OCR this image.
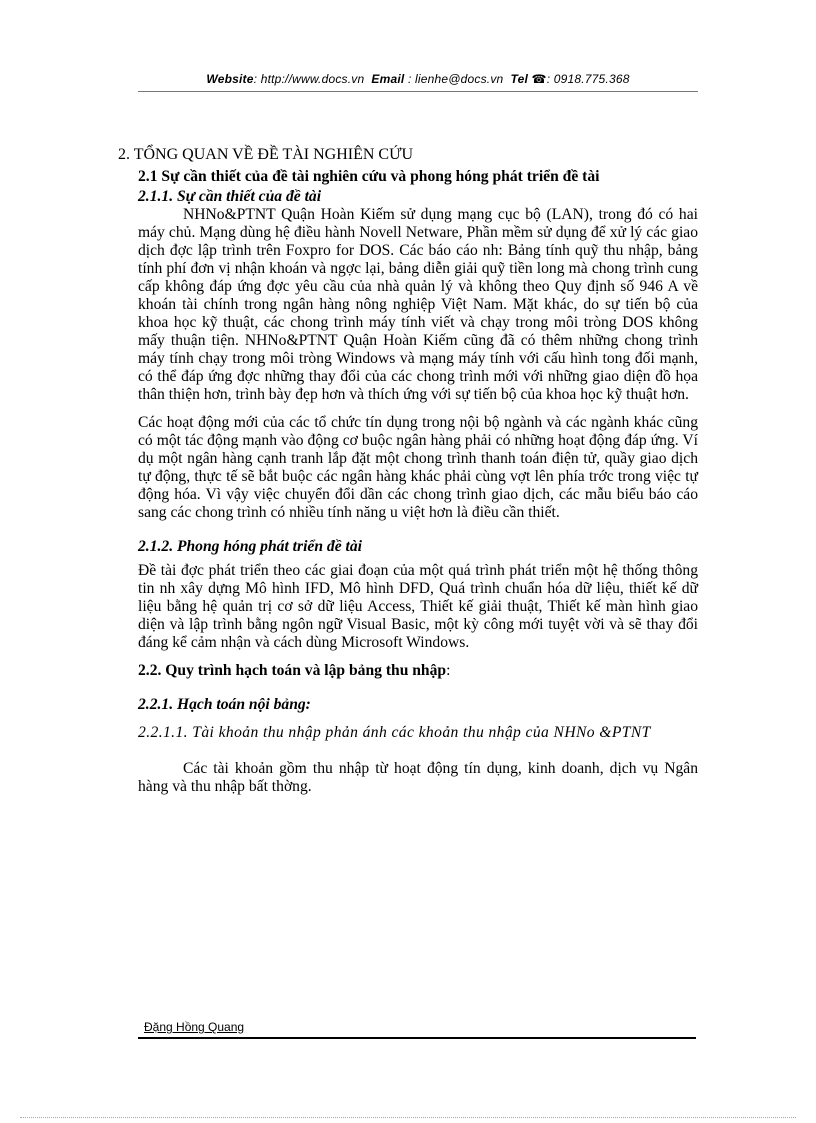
Website: http://www.docs.vn Email : lienhe@docs.vn Tel ☎: 0918.775.368
2. TỔNG QUAN VỀ ĐỀ TÀI NGHIÊN CỨU
2.1 Sự cần thiết của đề tài nghiên cứu và phong hóng phát triển đề tài
2.1.1. Sự cần thiết của đề tài

NHNo&PTNT Quận Hoàn Kiếm sử dụng mạng cục bộ (LAN), trong đó có hai máy chủ. Mạng dùng hệ điều hành Novell Netware, Phần mềm sử dụng để xử lý các giao dịch đợc lập trình trên Foxpro for DOS. Các báo cáo nh: Bảng tính quỹ thu nhập, bảng tính phí đơn vị nhận khoán và ngợc lại, bảng diễn giải quỹ tiền long mà chong trình cung cấp không đáp ứng đợc yêu cầu của nhà quản lý và không theo Quy định số 946 A về khoán tài chính trong ngân hàng nông nghiệp Việt Nam. Mặt khác, do sự tiến bộ của khoa học kỹ thuật, các chong trình máy tính viết và chạy trong môi tròng DOS không mấy thuận tiện. NHNo&PTNT Quận Hoàn Kiếm cũng đã có thêm những chong trình máy tính chạy trong môi tròng Windows và mạng máy tính với cấu hình tong đối mạnh, có thể đáp ứng đợc những thay đổi của các chong trình mới với những giao diện đồ họa thân thiện hơn, trình bày đẹp hơn và thích ứng với sự tiến bộ của khoa học kỹ thuật hơn.

Các hoạt động mới của các tổ chức tín dụng trong nội bộ ngành và các ngành khác cũng có một tác động mạnh vào động cơ buộc ngân hàng phải có những hoạt động đáp ứng. Ví dụ một ngân hàng cạnh tranh lắp đặt một chong trình thanh toán điện tử, quầy giao dịch tự động, thực tế sẽ bắt buộc các ngân hàng khác phải cùng vợt lên phía trớc trong việc tự động hóa. Vì vậy việc chuyển đổi dần các chong trình giao dịch, các mẫu biểu báo cáo sang các chong trình có nhiều tính năng u việt hơn là điều cần thiết.

2.1.2. Phong hóng phát triển đề tài

Đề tài đợc phát triển theo các giai đoạn của một quá trình phát triển một hệ thống thông tin nh xây dựng Mô hình IFD, Mô hình DFD, Quá trình chuẩn hóa dữ liệu, thiết kế dữ liệu bằng hệ quản trị cơ sở dữ liệu Access, Thiết kế giải thuật, Thiết kế màn hình giao diện và lập trình bằng ngôn ngữ Visual Basic, một kỳ công mới tuyệt vời và sẽ thay đổi đáng kể cảm nhận và cách dùng Microsoft Windows.

2.2. Quy trình hạch toán và lập bảng thu nhập:
2.2.1. Hạch toán nội bảng:
2.2.1.1. Tài khoản thu nhập phản ánh các khoản thu nhập của NHNo &PTNT

Các tài khoản gồm thu nhập từ hoạt động tín dụng, kinh doanh, dịch vụ Ngân hàng và thu nhập bất thờng.

Đặng Hồng Quang
